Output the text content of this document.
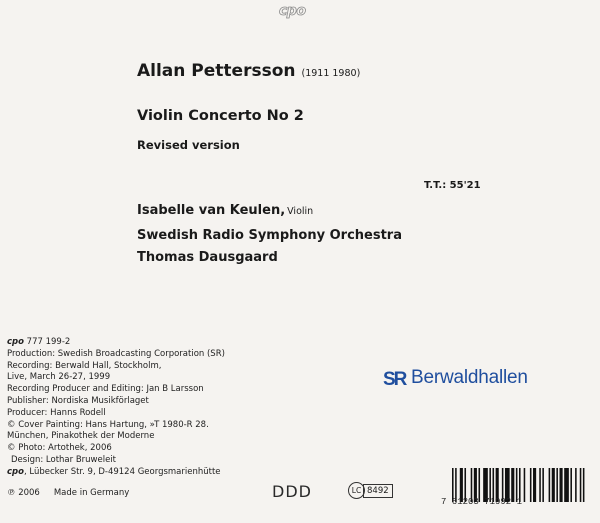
cpo
Allan Pettersson (1911 1980)
Violin Concerto No 2
Revised version
T.T.: 55'21
Isabelle van Keulen, Violin
Swedish Radio Symphony Orchestra
Thomas Dausgaard
cpo 777 199-2
Production: Swedish Broadcasting Corporation (SR)
Recording: Berwald Hall, Stockholm,
Live, March 26-27, 1999
Recording Producer and Editing: Jan B Larsson
Publisher: Nordiska Musikförlaget
Producer: Hanns Rodell
© Cover Painting: Hans Hartung, »T 1980-R 28.
München, Pinakothek der Moderne
© Photo: Artothek, 2006
Design: Lothar Bruweleit
cpo, Lübecker Str. 9, D-49124 Georgsmarienhütte
℗ 2006 Made in Germany	DDD	LC 8492
SR Berwaldhallen
7 61203 71992 1
